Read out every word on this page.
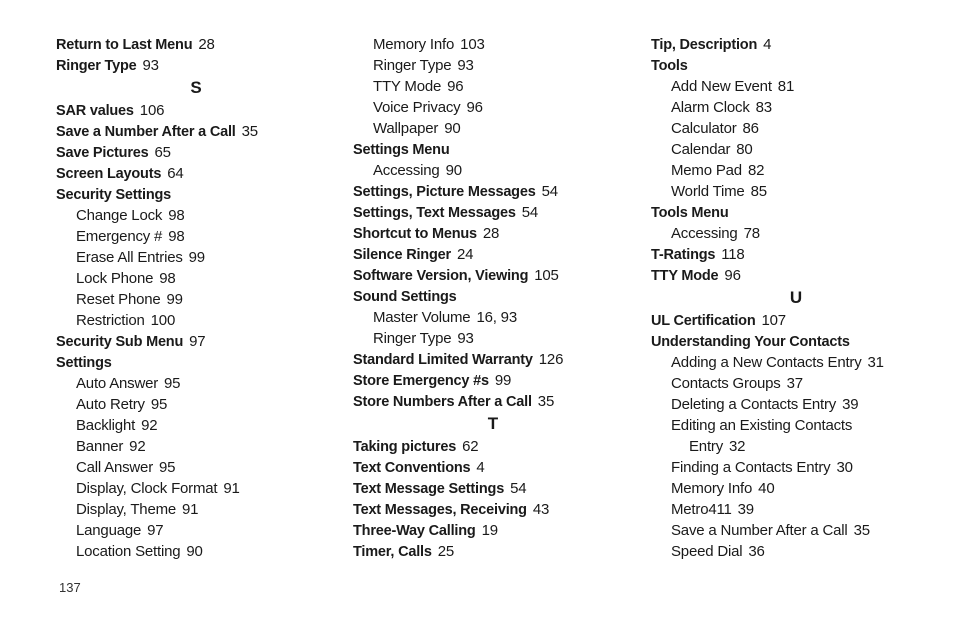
Return to Last Menu 28
Ringer Type 93
S
SAR values 106
Save a Number After a Call 35
Save Pictures 65
Screen Layouts 64
Security Settings
Change Lock 98
Emergency # 98
Erase All Entries 99
Lock Phone 98
Reset Phone 99
Restriction 100
Security Sub Menu 97
Settings
Auto Answer 95
Auto Retry 95
Backlight 92
Banner 92
Call Answer 95
Display, Clock Format 91
Display, Theme 91
Language 97
Location Setting 90
Memory Info 103
Ringer Type 93
TTY Mode 96
Voice Privacy 96
Wallpaper 90
Settings Menu
Accessing 90
Settings, Picture Messages 54
Settings, Text Messages 54
Shortcut to Menus 28
Silence Ringer 24
Software Version, Viewing 105
Sound Settings
Master Volume 16, 93
Ringer Type 93
Standard Limited Warranty 126
Store Emergency #s 99
Store Numbers After a Call 35
T
Taking pictures 62
Text Conventions 4
Text Message Settings 54
Text Messages, Receiving 43
Three-Way Calling 19
Timer, Calls 25
Tip, Description 4
Tools
Add New Event 81
Alarm Clock 83
Calculator 86
Calendar 80
Memo Pad 82
World Time 85
Tools Menu
Accessing 78
T-Ratings 118
TTY Mode 96
U
UL Certification 107
Understanding Your Contacts
Adding a New Contacts Entry 31
Contacts Groups 37
Deleting a Contacts Entry 39
Editing an Existing Contacts
Entry 32
Finding a Contacts Entry 30
Memory Info 40
Metro411 39
Save a Number After a Call 35
Speed Dial 36
137
